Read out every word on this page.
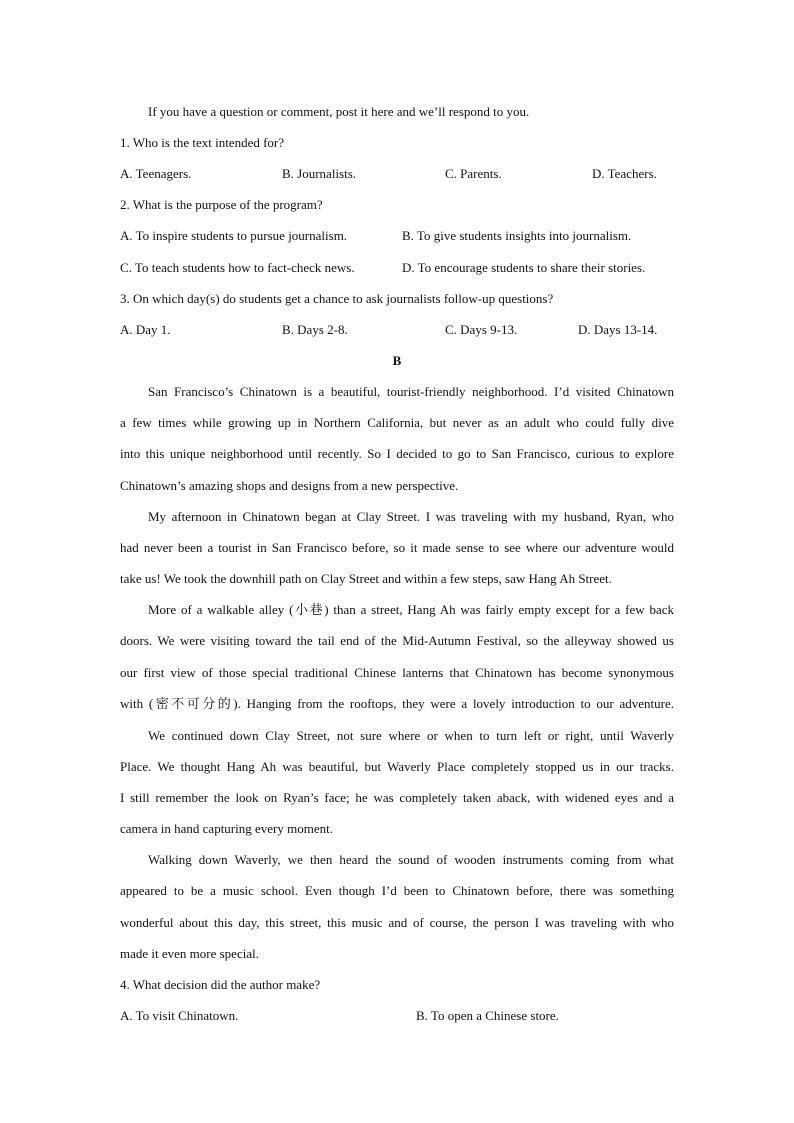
If you have a question or comment, post it here and we’ll respond to you.
1. Who is the text intended for?
A. Teenagers.	B. Journalists.	C. Parents.	D. Teachers.
2. What is the purpose of the program?
A. To inspire students to pursue journalism.	B. To give students insights into journalism.
C. To teach students how to fact-check news.	D. To encourage students to share their stories.
3. On which day(s) do students get a chance to ask journalists follow-up questions?
A. Day 1.	B. Days 2-8.	C. Days 9-13.	D. Days 13-14.
B
San Francisco’s Chinatown is a beautiful, tourist-friendly neighborhood. I’d visited Chinatown
a few times while growing up in Northern California, but never as an adult who could fully dive
into this unique neighborhood until recently. So I decided to go to San Francisco, curious to explore
Chinatown’s amazing shops and designs from a new perspective.
My afternoon in Chinatown began at Clay Street. I was traveling with my husband, Ryan, who
had never been a tourist in San Francisco before, so it made sense to see where our adventure would
take us! We took the downhill path on Clay Street and within a few steps, saw Hang Ah Street.
More of a walkable alley (小巷) than a street, Hang Ah was fairly empty except for a few back
doors. We were visiting toward the tail end of the Mid-Autumn Festival, so the alleyway showed us
our first view of those special traditional Chinese lanterns that Chinatown has become synonymous
with (密不可分的). Hanging from the rooftops, they were a lovely introduction to our adventure.
We continued down Clay Street, not sure where or when to turn left or right, until Waverly
Place. We thought Hang Ah was beautiful, but Waverly Place completely stopped us in our tracks.
I still remember the look on Ryan’s face; he was completely taken aback, with widened eyes and a
camera in hand capturing every moment.
Walking down Waverly, we then heard the sound of wooden instruments coming from what
appeared to be a music school. Even though I’d been to Chinatown before, there was something
wonderful about this day, this street, this music and of course, the person I was traveling with who
made it even more special.
4. What decision did the author make?
A. To visit Chinatown.	B. To open a Chinese store.
